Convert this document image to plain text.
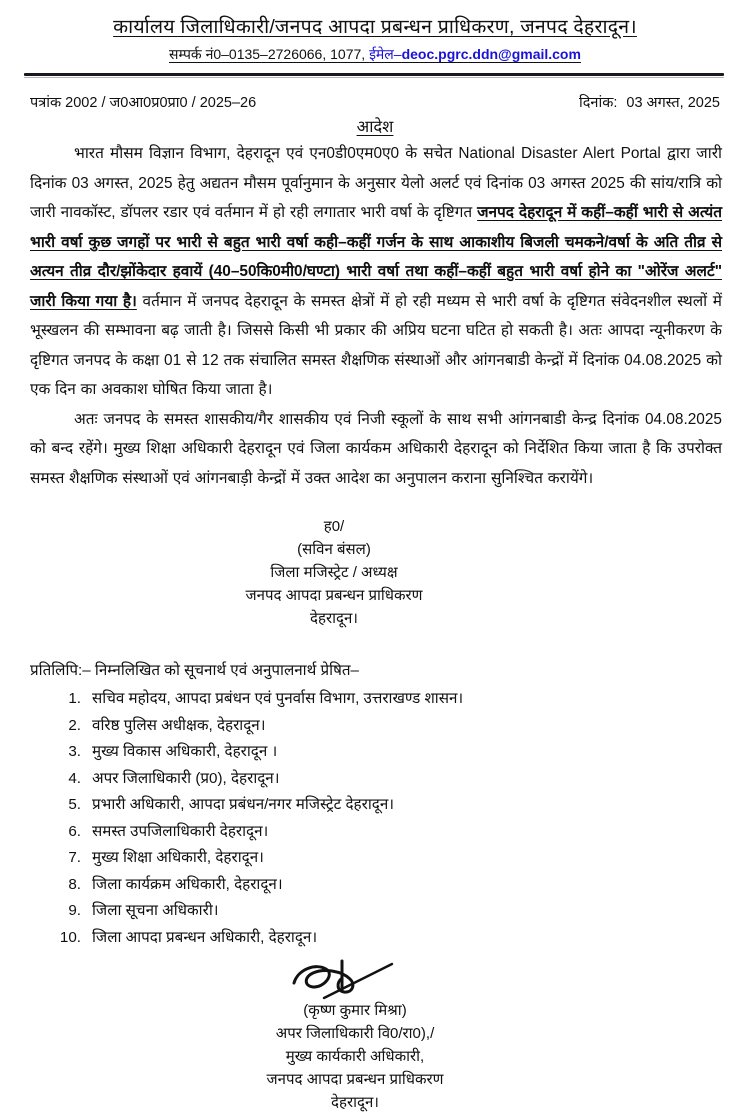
कार्यालय जिलाधिकारी/जनपद आपदा प्रबन्धन प्राधिकरण, जनपद देहरादून।
सम्पर्क नं0–0135–2726066, 1077, ईमेल–deoc.pgrc.ddn@gmail.com
पत्रांक 2002 / ज0आ0प्र0प्रा0 / 2025–26	दिनांक: 03 अगस्त, 2025
आदेश

भारत मौसम विज्ञान विभाग, देहरादून एवं एन0डी0एम0ए0 के सचेत National Disaster Alert Portal द्वारा जारी दिनांक 03 अगस्त, 2025 हेतु अद्यतन मौसम पूर्वानुमान के अनुसार येलो अलर्ट एवं दिनांक 03 अगस्त 2025 की सांय/रात्रि को जारी नावकॉस्ट, डॉपलर रडार एवं वर्तमान में हो रही लगातार भारी वर्षा के दृष्टिगत जनपद देहरादून में कहीं–कहीं भारी से अत्यंत भारी वर्षा कुछ जगहों पर भारी से बहुत भारी वर्षा कही–कहीं गर्जन के साथ आकाशीय बिजली चमकने/वर्षा के अति तीव्र से अत्यन तीव्र दौर/झोंकेदार हवायें (40–50कि0मी0/घण्टा) भारी वर्षा तथा कहीं–कहीं बहुत भारी वर्षा होने का "ओरेंज अलर्ट" जारी किया गया है। वर्तमान में जनपद देहरादून के समस्त क्षेत्रों में हो रही मध्यम से भारी वर्षा के दृष्टिगत संवेदनशील स्थलों में भूस्खलन की सम्भावना बढ़ जाती है। जिससे किसी भी प्रकार की अप्रिय घटना घटित हो सकती है। अतः आपदा न्यूनीकरण के दृष्टिगत जनपद के कक्षा 01 से 12 तक संचालित समस्त शैक्षणिक संस्थाओं और आंगनबाडी केन्द्रों में दिनांक 04.08.2025 को एक दिन का अवकाश घोषित किया जाता है।

अतः जनपद के समस्त शासकीय/गैर शासकीय एवं निजी स्कूलों के साथ सभी आंगनबाडी केन्द्र दिनांक 04.08.2025 को बन्द रहेंगे। मुख्य शिक्षा अधिकारी देहरादून एवं जिला कार्यकम अधिकारी देहरादून को निर्देशित किया जाता है कि उपरोक्त समस्त शैक्षणिक संस्थाओं एवं आंगनबाड़ी केन्द्रों में उक्त आदेश का अनुपालन कराना सुनिश्चित करायेंगे।

ह0/
(सविन बंसल)
जिला मजिस्ट्रेट / अध्यक्ष
जनपद आपदा प्रबन्धन प्राधिकरण
देहरादून।
प्रतिलिपि:– निम्नलिखित को सूचनार्थ एवं अनुपालनार्थ प्रेषित–
1. सचिव महोदय, आपदा प्रबंधन एवं पुनर्वास विभाग, उत्तराखण्ड शासन।
2. वरिष्ठ पुलिस अधीक्षक, देहरादून।
3. मुख्य विकास अधिकारी, देहरादून ।
4. अपर जिलाधिकारी (प्र0), देहरादून।
5. प्रभारी अधिकारी, आपदा प्रबंधन/नगर मजिस्ट्रेट देहरादून।
6. समस्त उपजिलाधिकारी देहरादून।
7. मुख्य शिक्षा अधिकारी, देहरादून।
8. जिला कार्यक्रम अधिकारी, देहरादून।
9. जिला सूचना अधिकारी।
10. जिला आपदा प्रबन्धन अधिकारी, देहरादून।
(कृष्ण कुमार मिश्रा)
अपर जिलाधिकारी वि0/रा0),/
मुख्य कार्यकारी अधिकारी,
जनपद आपदा प्रबन्धन प्राधिकरण
देहरादून।
